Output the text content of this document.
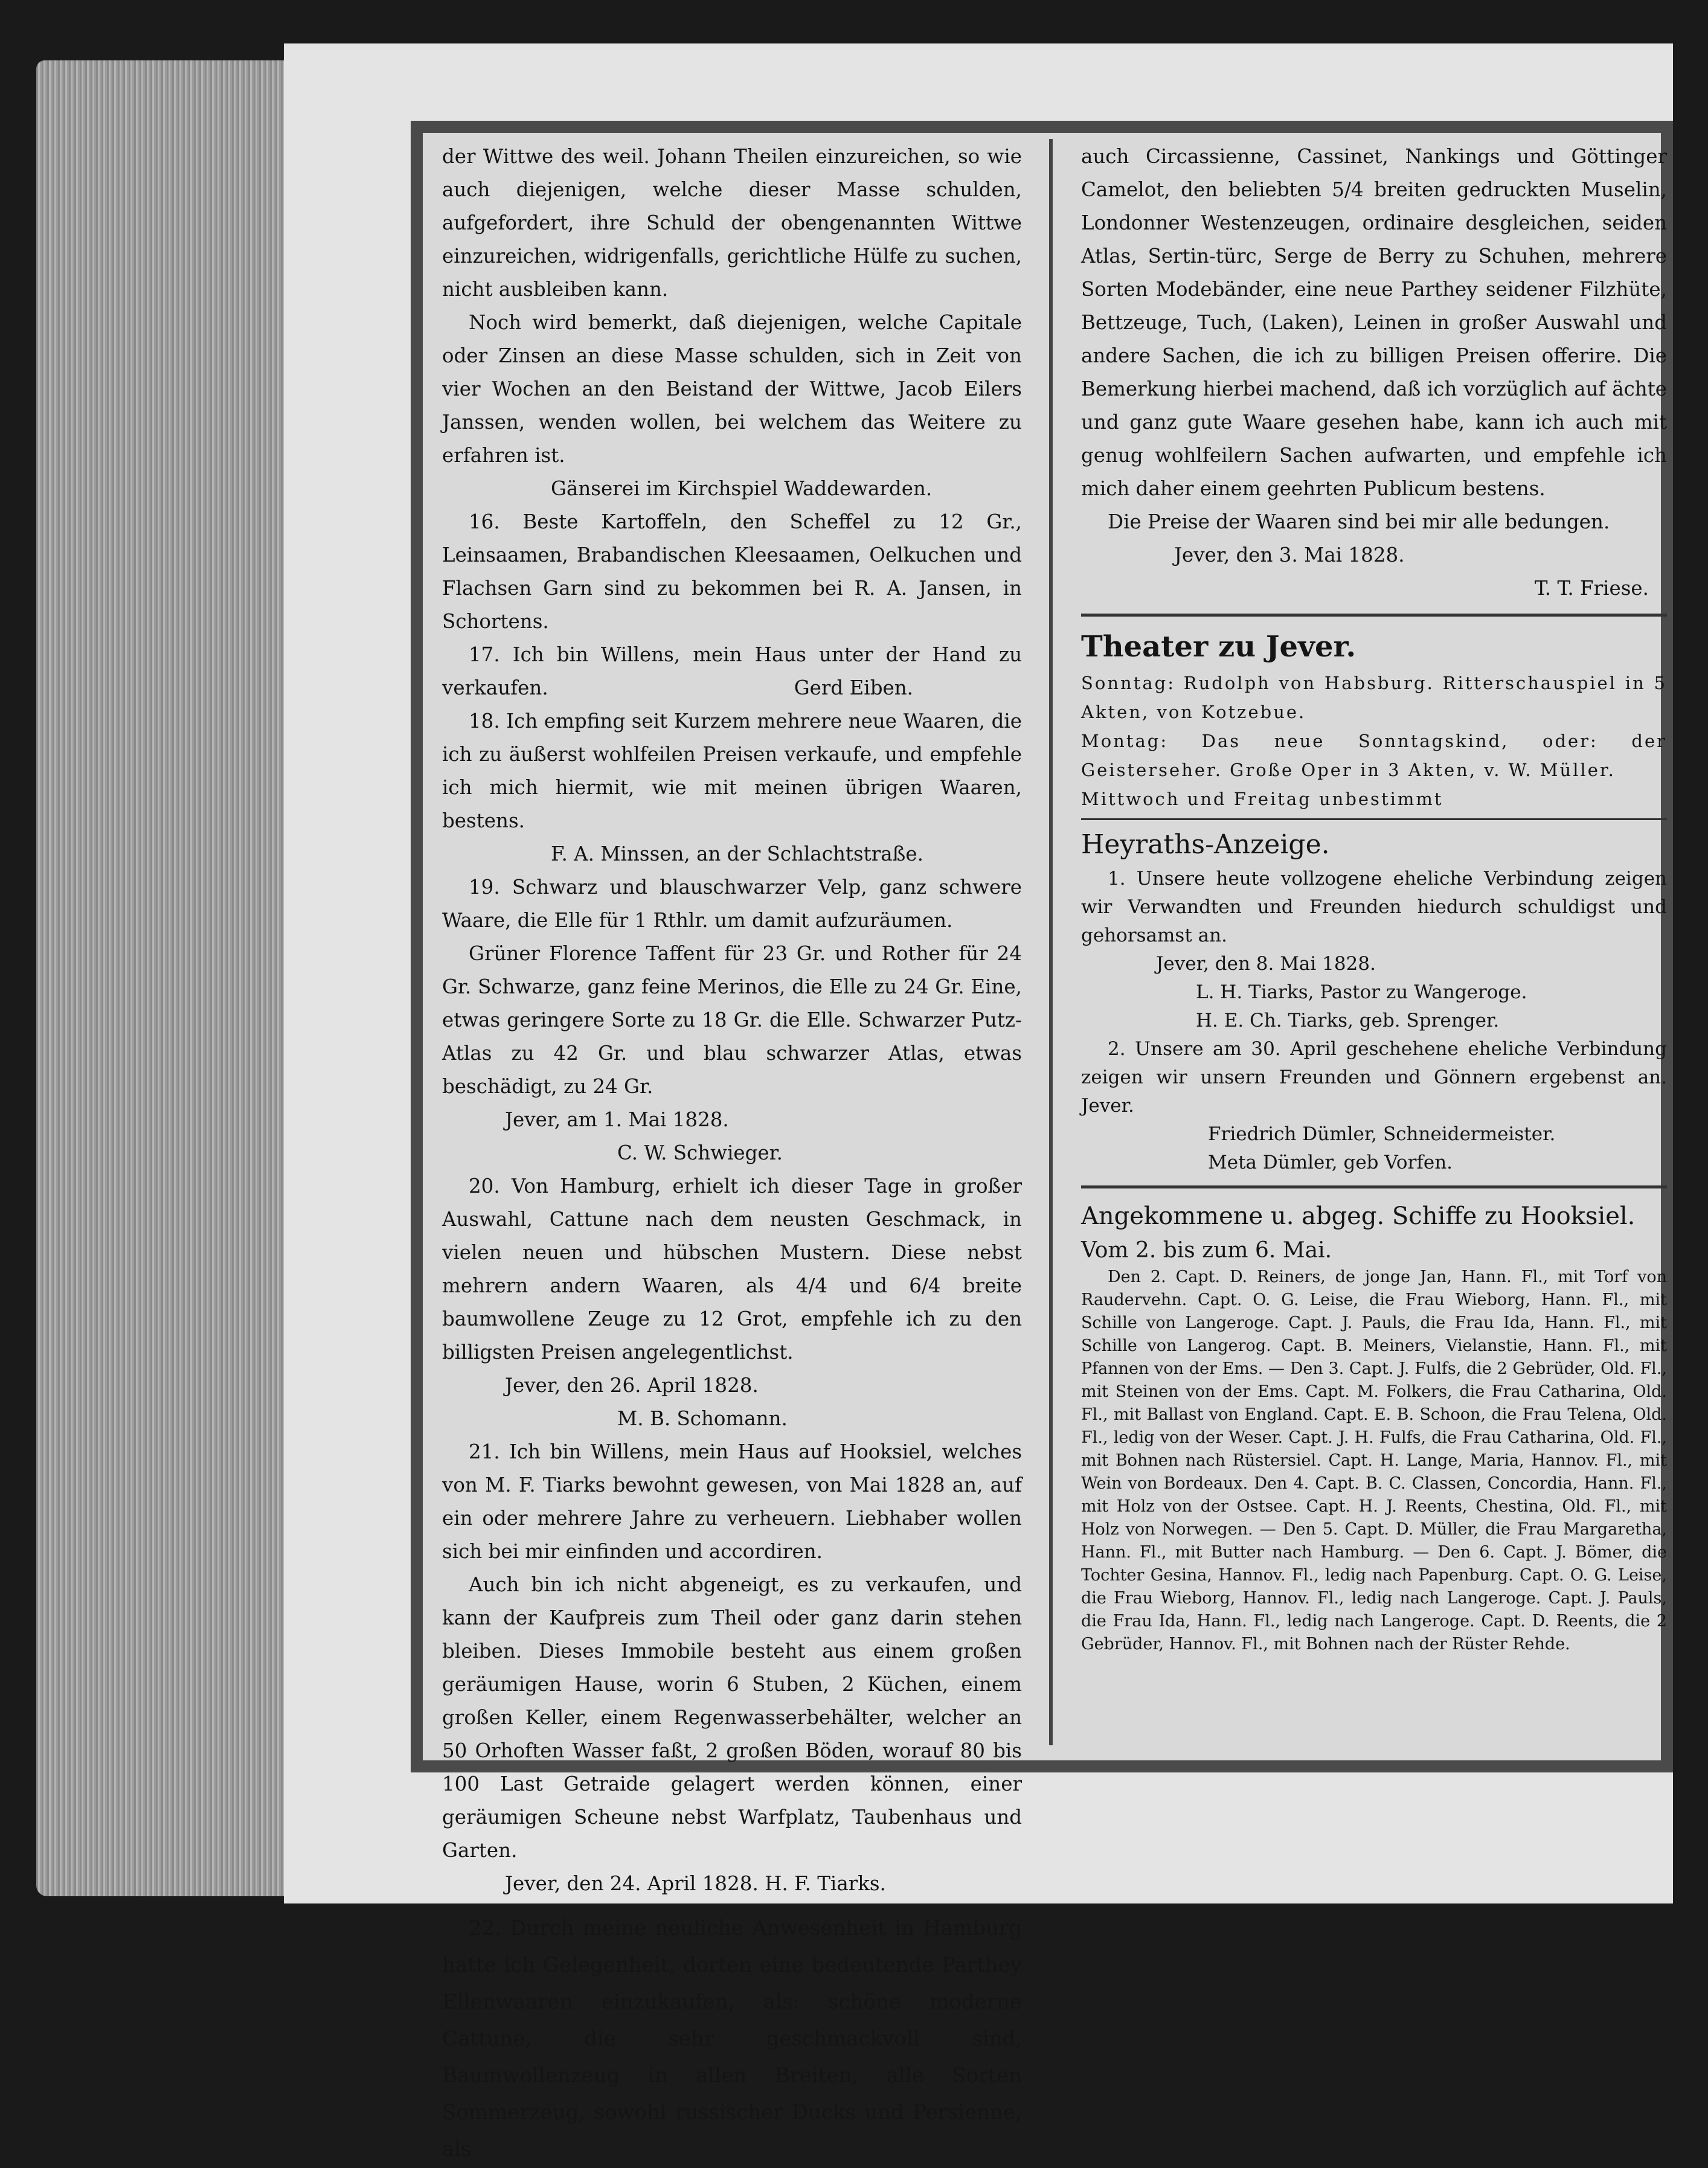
der Wittwe des weil. Johann Theilen einzureichen, so wie auch diejenigen, welche dieser Masse schulden, aufgefordert, ihre Schuld der obengenannten Wittwe einzureichen, widrigenfalls, gerichtliche Hülfe zu suchen, nicht ausbleiben kann.

Noch wird bemerkt, daß diejenigen, welche Capitale oder Zinsen an diese Masse schulden, sich in Zeit von vier Wochen an den Beistand der Wittwe, Jacob Eilers Janssen, wenden wollen, bei welchem das Weitere zu erfahren ist.

Gänserei im Kirchspiel Waddewarden.

16. Beste Kartoffeln, den Scheffel zu 12 Gr., Leinsaamen, Brabandischen Kleesaamen, Oelkuchen und Flachsen Garn sind zu bekommen bei R. A. Jansen, in Schortens.

17. Ich bin Willens, mein Haus unter der Hand zu verkaufen.	Gerd Eiben.

18. Ich empfing seit Kurzem mehrere neue Waaren, die ich zu äußerst wohlfeilen Preisen verkaufe, und empfehle ich mich hiermit, wie mit meinen übrigen Waaren, bestens.

F. A. Minssen, an der Schlachtstraße.

19. Schwarz und blauschwarzer Velp, ganz schwere Waare, die Elle für 1 Rthlr. um damit aufzuräumen.

Grüner Florence Taffent für 23 Gr. und Rother für 24 Gr. Schwarze, ganz feine Merinos, die Elle zu 24 Gr. Eine, etwas geringere Sorte zu 18 Gr. die Elle. Schwarzer Putz-Atlas zu 42 Gr. und blau schwarzer Atlas, etwas beschädigt, zu 24 Gr.

Jever, am 1. Mai 1828.

C. W. Schwieger.

20. Von Hamburg, erhielt ich dieser Tage in großer Auswahl, Cattune nach dem neusten Geschmack, in vielen neuen und hübschen Mustern. Diese nebst mehrern andern Waaren, als 4/4 und 6/4 breite baumwollene Zeuge zu 12 Grot, empfehle ich zu den billigsten Preisen angelegentlichst.

Jever, den 26. April 1828.

M. B. Schomann.

21. Ich bin Willens, mein Haus auf Hooksiel, welches von M. F. Tiarks bewohnt gewesen, von Mai 1828 an, auf ein oder mehrere Jahre zu verheuern. Liebhaber wollen sich bei mir einfinden und accordiren.

Auch bin ich nicht abgeneigt, es zu verkaufen, und kann der Kaufpreis zum Theil oder ganz darin stehen bleiben. Dieses Immobile besteht aus einem großen geräumigen Hause, worin 6 Stuben, 2 Küchen, einem großen Keller, einem Regenwasserbehälter, welcher an 50 Orhoften Wasser faßt, 2 großen Böden, worauf 80 bis 100 Last Getraide gelagert werden können, einer geräumigen Scheune nebst Warfplatz, Taubenhaus und Garten.

Jever, den 24. April 1828. H. F. Tiarks.

22. Durch meine neuliche Anwesenheit in Hamburg hatte ich Gelegenheit, dorten eine bedeutende Parthey Ellenwaaren einzukaufen, als: schöne moderne Cattune, die sehr geschmackvoll sind, Baumwollenzeug in allen Breiten, alle Sorten Sommerzeug, sowohl russischer Ducks und Persienne, als

auch Circassienne, Cassinet, Nankings und Göttinger Camelot, den beliebten 5/4 breiten gedruckten Muselin, Londonner Westenzeugen, ordinaire desgleichen, seiden Atlas, Sertin-türc, Serge de Berry zu Schuhen, mehrere Sorten Modebänder, eine neue Parthey seidener Filzhüte, Bettzeuge, Tuch, (Laken), Leinen in großer Auswahl und andere Sachen, die ich zu billigen Preisen offerire. Die Bemerkung hierbei machend, daß ich vorzüglich auf ächte und ganz gute Waare gesehen habe, kann ich auch mit genug wohlfeilern Sachen aufwarten, und empfehle ich mich daher einem geehrten Publicum bestens.

Die Preise der Waaren sind bei mir alle bedungen.

Jever, den 3. Mai 1828.

T. T. Friese.

Theater zu Jever.

Sonntag: Rudolph von Habsburg. Ritterschauspiel in 5 Akten, von Kotzebue.

Montag: Das neue Sonntagskind, oder: der Geisterseher. Große Oper in 3 Akten, v. W. Müller.

Mittwoch und Freitag unbestimmt

Heyraths-Anzeige.

1. Unsere heute vollzogene eheliche Verbindung zeigen wir Verwandten und Freunden hiedurch schuldigst und gehorsamst an.

Jever, den 8. Mai 1828.

L. H. Tiarks, Pastor zu Wangeroge.

H. E. Ch. Tiarks, geb. Sprenger.

2. Unsere am 30. April geschehene eheliche Verbindung zeigen wir unsern Freunden und Gönnern ergebenst an. Jever.

Friedrich Dümler, Schneidermeister.

Meta Dümler, geb Vorfen.

Angekommene u. abgeg. Schiffe zu Hooksiel.

Vom 2. bis zum 6. Mai.

Den 2. Capt. D. Reiners, de jonge Jan, Hann. Fl., mit Torf von Raudervehn. Capt. O. G. Leise, die Frau Wieborg, Hann. Fl., mit Schille von Langeroge. Capt. J. Pauls, die Frau Ida, Hann. Fl., mit Schille von Langerog. Capt. B. Meiners, Vielanstie, Hann. Fl., mit Pfannen von der Ems. — Den 3. Capt. J. Fulfs, die 2 Gebrüder, Old. Fl., mit Steinen von der Ems. Capt. M. Folkers, die Frau Catharina, Old. Fl., mit Ballast von England. Capt. E. B. Schoon, die Frau Telena, Old. Fl., ledig von der Weser. Capt. J. H. Fulfs, die Frau Catharina, Old. Fl., mit Bohnen nach Rüstersiel. Capt. H. Lange, Maria, Hannov. Fl., mit Wein von Bordeaux. Den 4. Capt. B. C. Classen, Concordia, Hann. Fl., mit Holz von der Ostsee. Capt. H. J. Reents, Chestina, Old. Fl., mit Holz von Norwegen. — Den 5. Capt. D. Müller, die Frau Margaretha, Hann. Fl., mit Butter nach Hamburg. — Den 6. Capt. J. Bömer, die Tochter Gesina, Hannov. Fl., ledig nach Papenburg. Capt. O. G. Leise, die Frau Wieborg, Hannov. Fl., ledig nach Langeroge. Capt. J. Pauls, die Frau Ida, Hann. Fl., ledig nach Langeroge. Capt. D. Reents, die 2 Gebrüder, Hannov. Fl., mit Bohnen nach der Rüster Rehde.
